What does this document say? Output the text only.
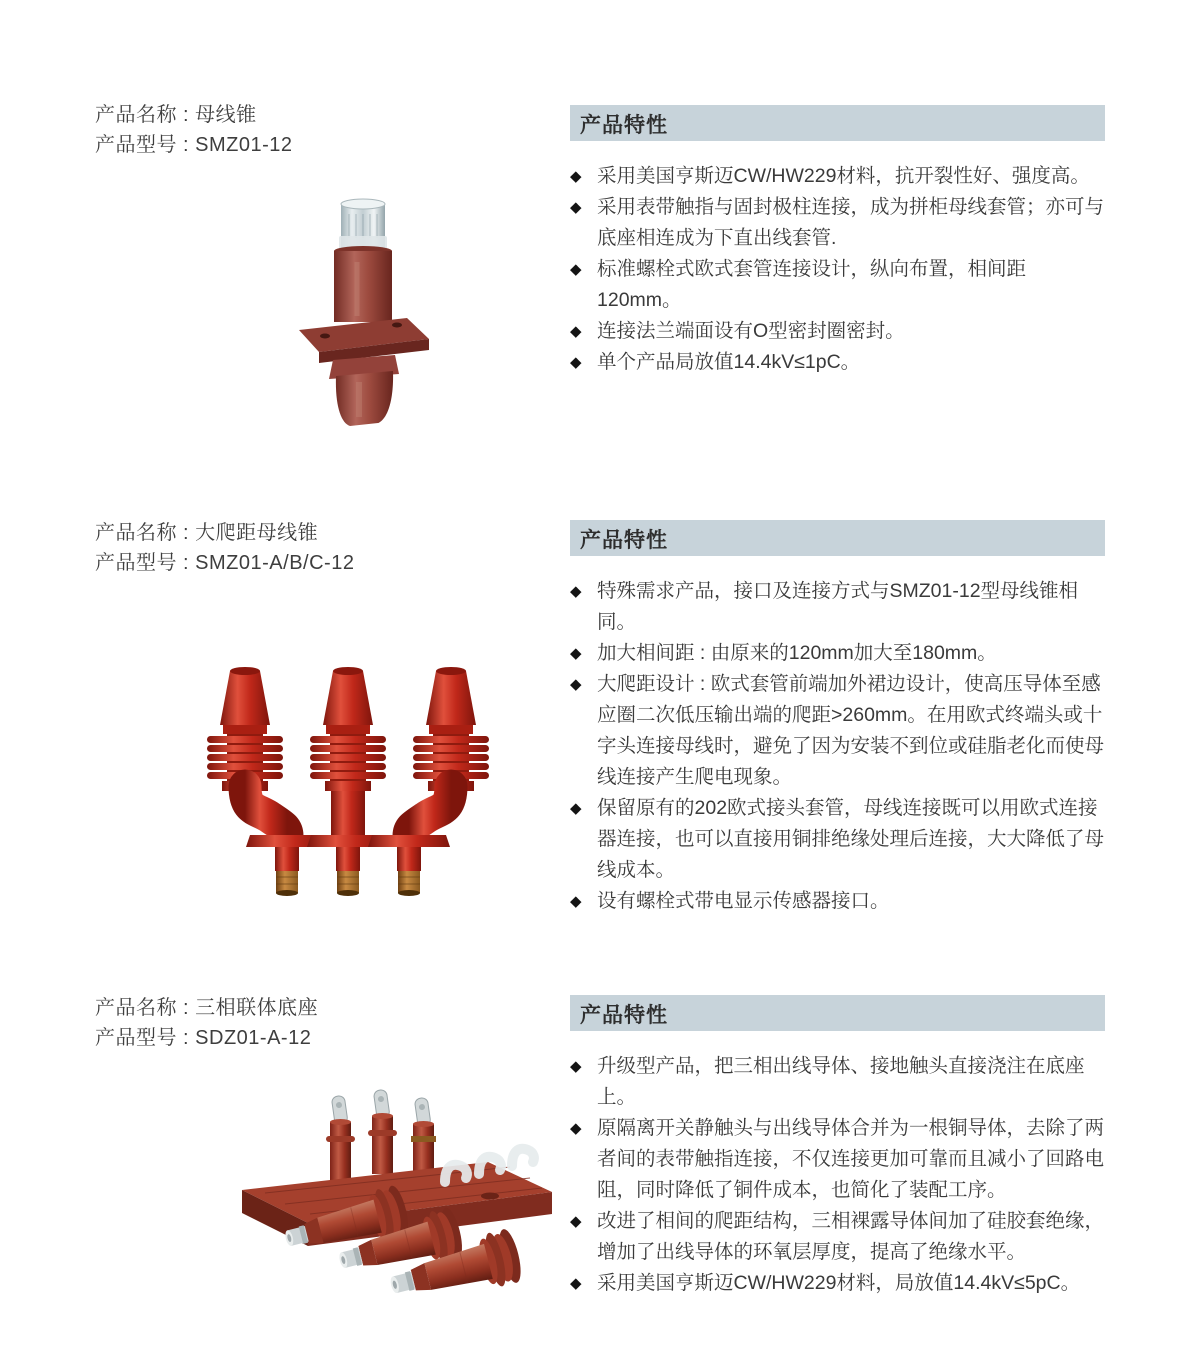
产品名称 : 母线锥
产品型号 : SMZ01-12
产品特性
◆ 采用美国亨斯迈CW/HW229材料，抗开裂性好、强度高。
◆ 采用表带触指与固封极柱连接，成为拼柜母线套管；亦可与底座相连成为下直出线套管.
◆ 标准螺栓式欧式套管连接设计，纵向布置，相间距120mm。
◆ 连接法兰端面设有O型密封圈密封。
◆ 单个产品局放值14.4kV≤1pC。
产品名称 : 大爬距母线锥
产品型号 : SMZ01-A/B/C-12
产品特性
◆ 特殊需求产品，接口及连接方式与SMZ01-12型母线锥相同。
◆ 加大相间距 : 由原来的120mm加大至180mm。
◆ 大爬距设计 : 欧式套管前端加外裙边设计，使高压导体至感应圈二次低压输出端的爬距>260mm。在用欧式终端头或十字头连接母线时，避免了因为安装不到位或硅脂老化而使母线连接产生爬电现象。
◆ 保留原有的202欧式接头套管，母线连接既可以用欧式连接器连接，也可以直接用铜排绝缘处理后连接，大大降低了母线成本。
◆ 设有螺栓式带电显示传感器接口。
产品名称 : 三相联体底座
产品型号 : SDZ01-A-12
产品特性
◆ 升级型产品，把三相出线导体、接地触头直接浇注在底座上。
◆ 原隔离开关静触头与出线导体合并为一根铜导体，去除了两者间的表带触指连接，不仅连接更加可靠而且减小了回路电阻，同时降低了铜件成本，也简化了装配工序。
◆ 改进了相间的爬距结构，三相裸露导体间加了硅胶套绝缘，增加了出线导体的环氧层厚度，提高了绝缘水平。
◆ 采用美国亨斯迈CW/HW229材料，局放值14.4kV≤5pC。
